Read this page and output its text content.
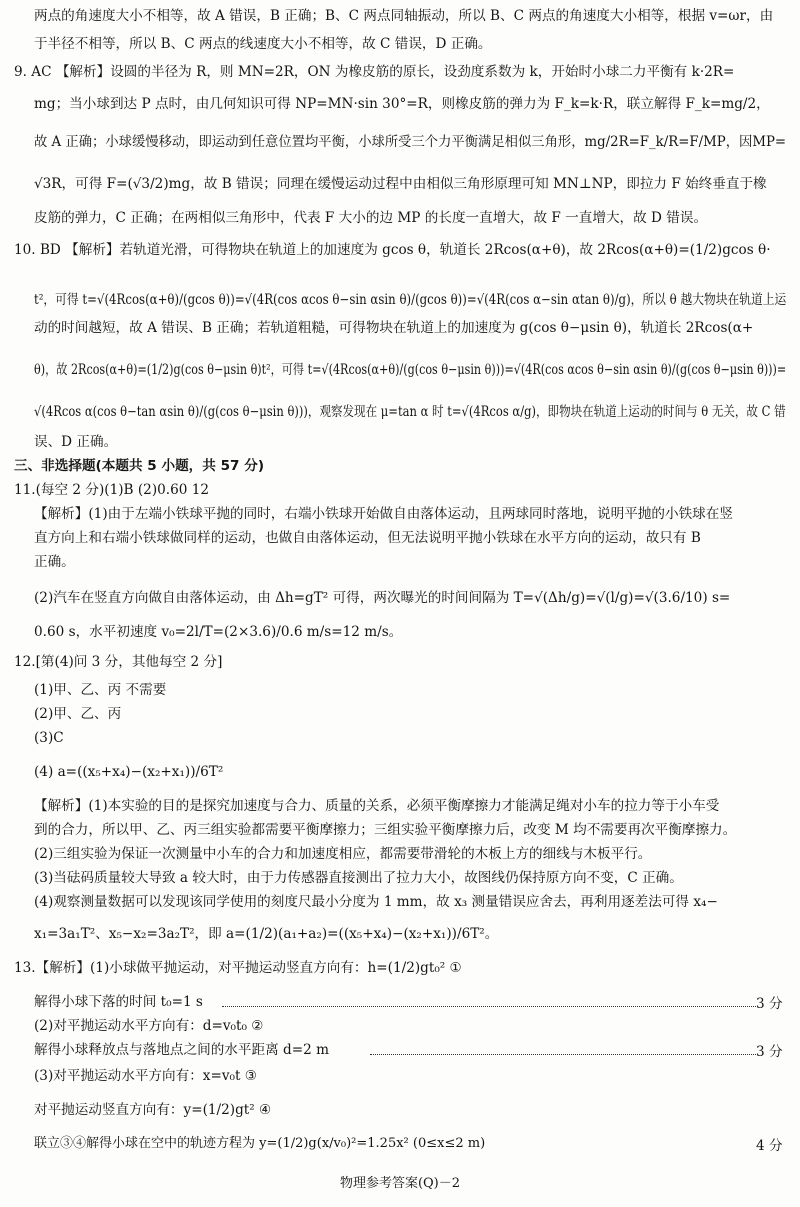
两点的角速度大小不相等，故 A 错误，B 正确；B、C 两点同轴振动，所以 B、C 两点的角速度大小相等，根据 v=ωr，由
于半径不相等，所以 B、C 两点的线速度大小不相等，故 C 错误，D 正确。
9. AC 【解析】设圆的半径为 R，则 MN=2R，ON 为橡皮筋的原长，设劲度系数为 k，开始时小球二力平衡有 k·2R=
mg；当小球到达 P 点时，由几何知识可得 NP=MN·sin 30°=R，则橡皮筋的弹力为 F_k=k·R，联立解得 F_k=mg/2，
故 A 正确；小球缓慢移动，即运动到任意位置均平衡，小球所受三个力平衡满足相似三角形，mg/2R=F_k/R=F/MP，因MP=
√3R，可得 F=(√3/2)mg，故 B 错误；同理在缓慢运动过程中由相似三角形原理可知 MN⊥NP，即拉力 F 始终垂直于橡
皮筋的弹力，C 正确；在两相似三角形中，代表 F 大小的边 MP 的长度一直增大，故 F 一直增大，故 D 错误。
10. BD 【解析】若轨道光滑，可得物块在轨道上的加速度为 gcos θ，轨道长 2Rcos(α+θ)，故 2Rcos(α+θ)=(1/2)gcos θ·
t²，可得 t=√(4Rcos(α+θ)/(gcos θ))=√(4R(cos αcos θ−sin αsin θ)/(gcos θ))=√(4R(cos α−sin αtan θ)/g)，所以 θ 越大物块在轨道上运
动的时间越短，故 A 错误、B 正确；若轨道粗糙，可得物块在轨道上的加速度为 g(cos θ−μsin θ)，轨道长 2Rcos(α+
θ)，故 2Rcos(α+θ)=(1/2)g(cos θ−μsin θ)t²，可得 t=√(4Rcos(α+θ)/(g(cos θ−μsin θ)))=√(4R(cos αcos θ−sin αsin θ)/(g(cos θ−μsin θ)))=
√(4Rcos α(cos θ−tan αsin θ)/(g(cos θ−μsin θ)))，观察发现在 μ=tan α 时 t=√(4Rcos α/g)，即物块在轨道上运动的时间与 θ 无关，故 C 错
误、D 正确。
三、非选择题(本题共 5 小题，共 57 分)
11.(每空 2 分)(1)B (2)0.60 12
【解析】(1)由于左端小铁球平抛的同时，右端小铁球开始做自由落体运动，且两球同时落地，说明平抛的小铁球在竖
直方向上和右端小铁球做同样的运动，也做自由落体运动，但无法说明平抛小铁球在水平方向的运动，故只有 B
正确。
(2)汽车在竖直方向做自由落体运动，由 Δh=gT² 可得，两次曝光的时间间隔为 T=√(Δh/g)=√(l/g)=√(3.6/10) s=
0.60 s，水平初速度 v₀=2l/T=(2×3.6)/0.6 m/s=12 m/s。
12.[第(4)问 3 分，其他每空 2 分]
(1)甲、乙、丙 不需要
(2)甲、乙、丙
(3)C
(4) a=((x₅+x₄)−(x₂+x₁))/6T²
【解析】(1)本实验的目的是探究加速度与合力、质量的关系，必须平衡摩擦力才能满足绳对小车的拉力等于小车受
到的合力，所以甲、乙、丙三组实验都需要平衡摩擦力；三组实验平衡摩擦力后，改变 M 均不需要再次平衡摩擦力。
(2)三组实验为保证一次测量中小车的合力和加速度相应，都需要带滑轮的木板上方的细线与木板平行。
(3)当砝码质量较大导致 a 较大时，由于力传感器直接测出了拉力大小，故图线仍保持原方向不变，C 正确。
(4)观察测量数据可以发现该同学使用的刻度尺最小分度为 1 mm，故 x₃ 测量错误应舍去，再利用逐差法可得 x₄−
x₁=3a₁T²、x₅−x₂=3a₂T²，即 a=(1/2)(a₁+a₂)=((x₅+x₄)−(x₂+x₁))/6T²。
13.【解析】(1)小球做平抛运动，对平抛运动竖直方向有：h=(1/2)gt₀² ①
解得小球下落的时间 t₀=1 s	3 分
(2)对平抛运动水平方向有：d=v₀t₀ ②
解得小球释放点与落地点之间的水平距离 d=2 m	3 分
(3)对平抛运动水平方向有：x=v₀t ③
对平抛运动竖直方向有：y=(1/2)gt² ④
联立③④解得小球在空中的轨迹方程为 y=(1/2)g(x/v₀)²=1.25x² (0≤x≤2 m)	4 分
物理参考答案(Q)－2
